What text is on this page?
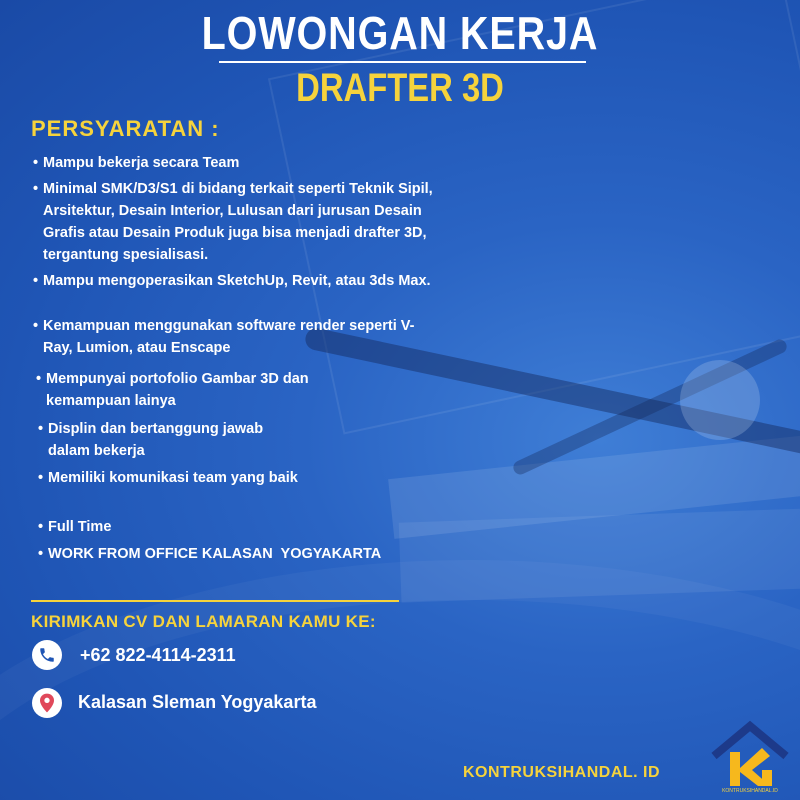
LOWONGAN KERJA
DRAFTER 3D
PERSYARATAN :
• Mampu bekerja secara Team
• Minimal SMK/D3/S1 di bidang terkait seperti Teknik Sipil, Arsitektur, Desain Interior, Lulusan dari jurusan Desain Grafis atau Desain Produk juga bisa menjadi drafter 3D, tergantung spesialisasi.
• Mampu mengoperasikan SketchUp, Revit, atau 3ds Max.
• Kemampuan menggunakan software render seperti V-Ray, Lumion, atau Enscape
• Mempunyai portofolio Gambar 3D dan kemampuan lainya
• Displin dan bertanggung jawab dalam bekerja
• Memiliki komunikasi team yang baik
• Full Time
• WORK FROM OFFICE KALASAN  YOGYAKARTA
KIRIMKAN CV DAN LAMARAN KAMU KE:
+62 822-4114-2311
Kalasan Sleman Yogyakarta
KONTRUKSIHANDAL. ID
KONTRUKSIHANDAL.ID
